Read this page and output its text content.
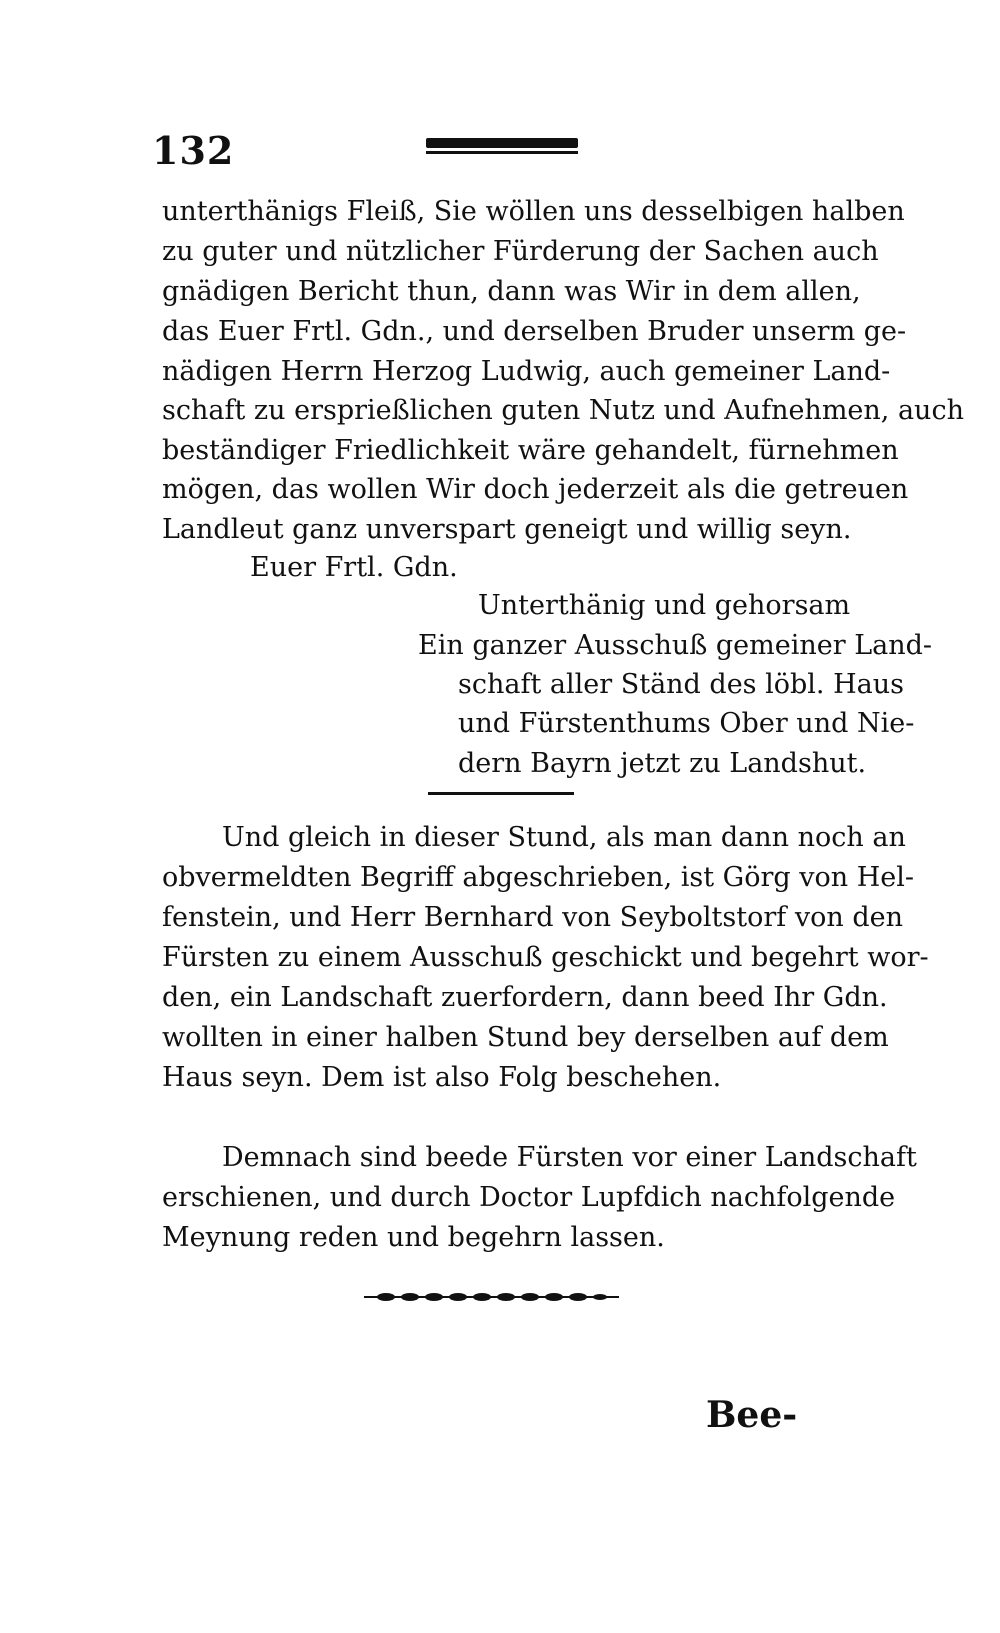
132
unterthänigs Fleiß, Sie wöllen uns desselbigen halben
zu guter und nützlicher Fürderung der Sachen auch
gnädigen Bericht thun, dann was Wir in dem allen,
das Euer Frtl. Gdn., und derselben Bruder unserm ge-
nädigen Herrn Herzog Ludwig, auch gemeiner Land-
schaft zu ersprießlichen guten Nutz und Aufnehmen, auch
beständiger Friedlichkeit wäre gehandelt, fürnehmen
mögen, das wollen Wir doch jederzeit als die getreuen
Landleut ganz unverspart geneigt und willig seyn.
Euer Frtl. Gdn.
Unterthänig und gehorsam
Ein ganzer Ausschuß gemeiner Land-
schaft aller Ständ des löbl. Haus
und Fürstenthums Ober und Nie-
dern Bayrn jetzt zu Landshut.
Und gleich in dieser Stund, als man dann noch an
obvermeldten Begriff abgeschrieben, ist Görg von Hel-
fenstein, und Herr Bernhard von Seyboltstorf von den
Fürsten zu einem Ausschuß geschickt und begehrt wor-
den, ein Landschaft zuerfordern, dann beed Ihr Gdn.
wollten in einer halben Stund bey derselben auf dem
Haus seyn. Dem ist also Folg beschehen.
Demnach sind beede Fürsten vor einer Landschaft
erschienen, und durch Doctor Lupfdich nachfolgende
Meynung reden und begehrn lassen.
Bee-
